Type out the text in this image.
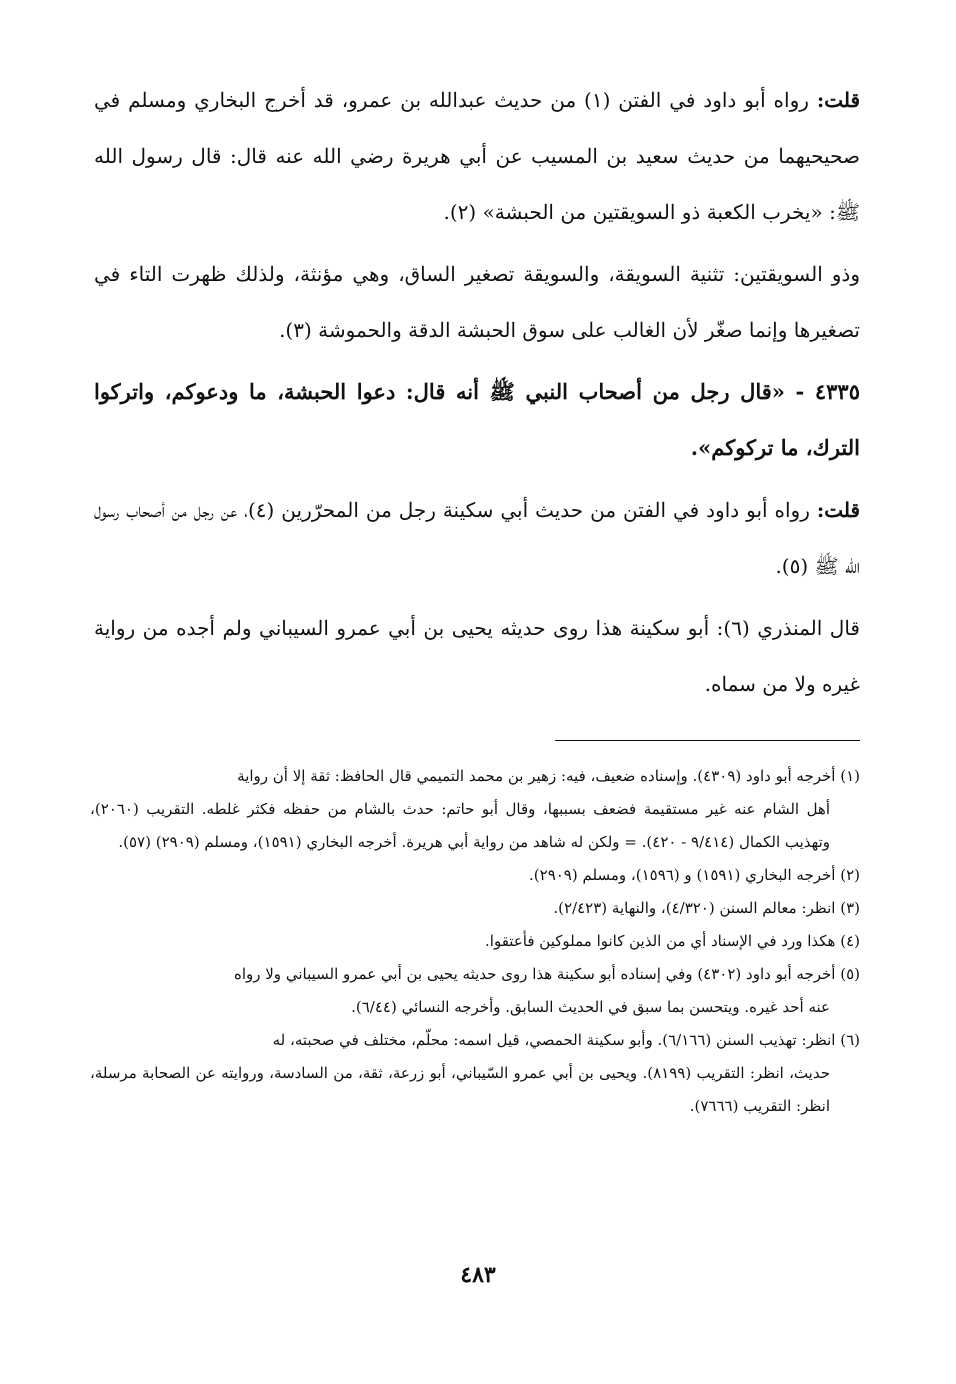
قلت: رواه أبو داود في الفتن (١) من حديث عبدالله بن عمرو، قد أخرج البخاري ومسلم في صحيحيهما من حديث سعيد بن المسيب عن أبي هريرة رضي الله عنه قال: قال رسول الله ﷺ: «يخرب الكعبة ذو السويقتين من الحبشة» (٢).

وذو السويقتين: تثنية السويقة، والسويقة تصغير الساق، وهي مؤنثة، ولذلك ظهرت التاء في تصغيرها وإنما صغّر لأن الغالب على سوق الحبشة الدقة والحموشة (٣).

٤٣٣٥ - «قال رجل من أصحاب النبي ﷺ أنه قال: دعوا الحبشة، ما ودعوكم، واتركوا الترك، ما تركوكم».

قلت: رواه أبو داود في الفتن من حديث أبي سكينة رجل من المحرّرين (٤)، عن رجل من أصحاب رسول الله ﷺ (٥).

قال المنذري (٦): أبو سكينة هذا روى حديثه يحيى بن أبي عمرو السيباني ولم أجده من رواية غيره ولا من سماه.

(١) أخرجه أبو داود (٤٣٠٩). وإسناده ضعيف، فيه: زهير بن محمد التميمي قال الحافظ: ثقة إلا أن رواية
أهل الشام عنه غير مستقيمة فضعف بسببها، وقال أبو حاتم: حدث بالشام من حفظه فكثر غلطه. التقريب (٢٠٦٠)، وتهذيب الكمال (٩/٤١٤ - ٤٢٠). = ولكن له شاهد من رواية أبي هريرة. أخرجه البخاري (١٥٩١)، ومسلم (٢٩٠٩) (٥٧).

(٢) أخرجه البخاري (١٥٩١) و (١٥٩٦)، ومسلم (٢٩٠٩).

(٣) انظر: معالم السنن (٤/٣٢٠)، والنهاية (٢/٤٢٣).

(٤) هكذا ورد في الإسناد أي من الذين كانوا مملوكين فأعتقوا.

(٥) أخرجه أبو داود (٤٣٠٢) وفي إسناده أبو سكينة هذا روى حديثه يحيى بن أبي عمرو السيباني ولا رواه
عنه أحد غيره. ويتحسن بما سبق في الحديث السابق. وأخرجه النسائي (٦/٤٤).

(٦) انظر: تهذيب السنن (٦/١٦٦). وأبو سكينة الحمصي، قيل اسمه: محلّم، مختلف في صحبته، له
حديث، انظر: التقريب (٨١٩٩). ويحيى بن أبي عمرو السّيباني، أبو زرعة، ثقة، من السادسة، وروايته عن الصحابة مرسلة، انظر: التقريب (٧٦٦٦).

٤٨٣
